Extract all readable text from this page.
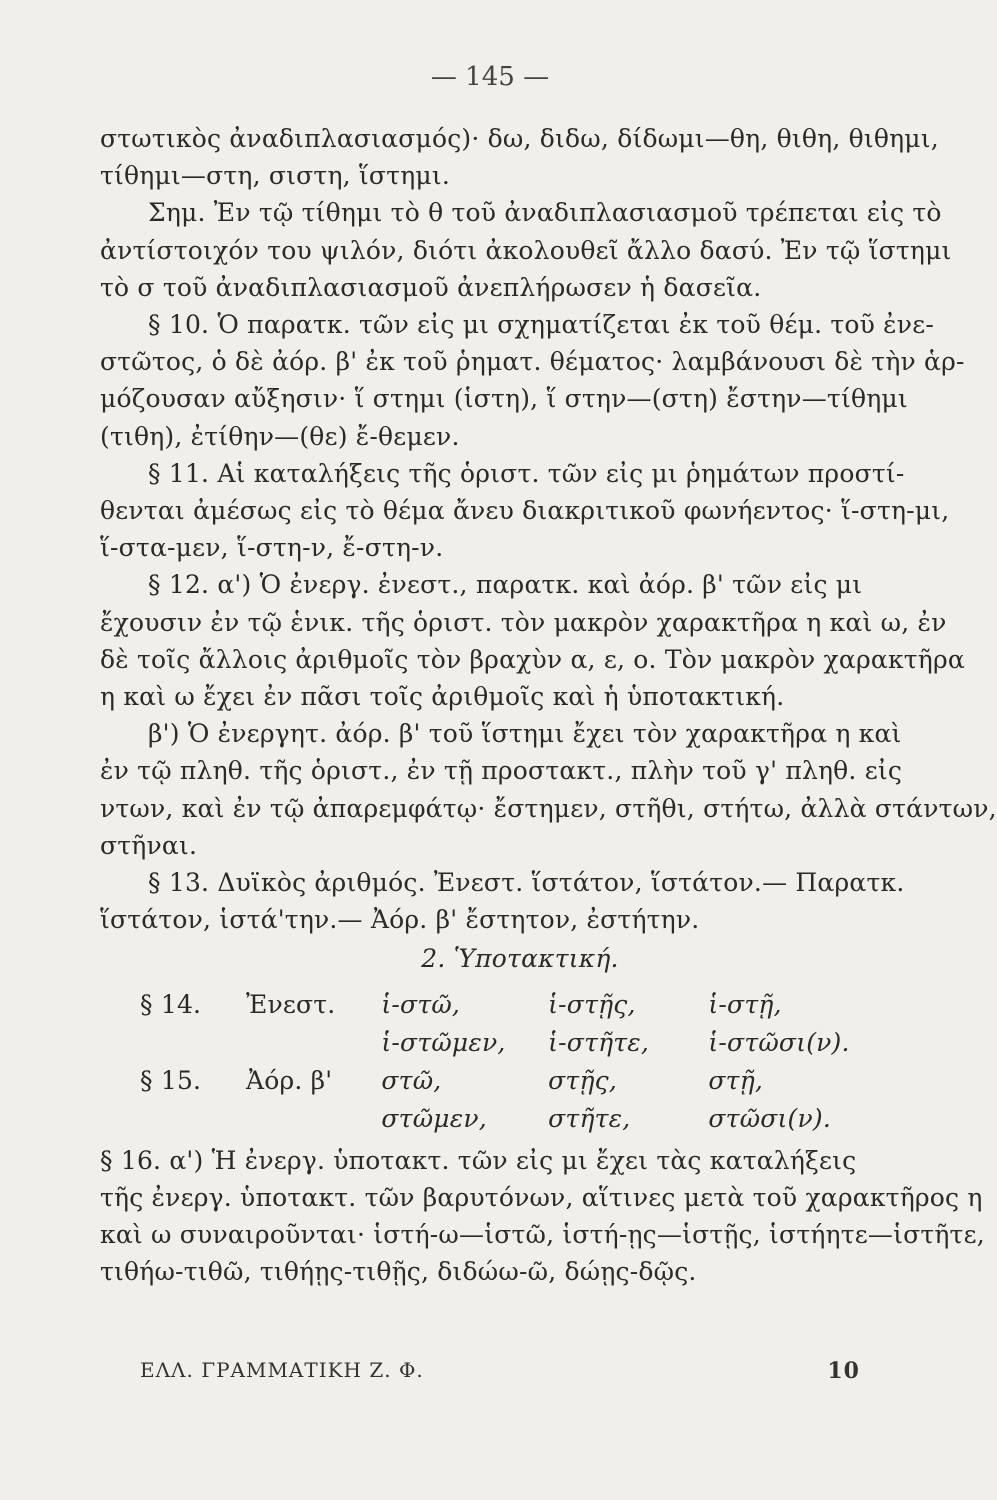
— 145 —

στωτικὸς ἀναδιπλασιασμός)· δω, διδω, δίδωμι—θη, θιθη, θιθημι,
τίθημι—στη, σιστη, ἵστημι.

Σημ. Ἐν τῷ τίθημι τὸ θ τοῦ ἀναδιπλασιασμοῦ τρέπεται εἰς τὸ

ἀντίστοιχόν του ψιλόν, διότι ἀκολουθεῖ ἄλλο δασύ. Ἐν τῷ ἵστημι
τὸ σ τοῦ ἀναδιπλασιασμοῦ ἀνεπλήρωσεν ἡ δασεῖα.

§ 10. Ὁ παρατκ. τῶν εἰς μι σχηματίζεται ἐκ τοῦ θέμ. τοῦ ἐνε-
στῶτος, ὁ δὲ ἀόρ. β' ἐκ τοῦ ῥηματ. θέματος· λαμβάνουσι δὲ τὴν ἁρ-
μόζουσαν αὔξησιν· ἵ στημι (ἱστη), ἵ στην—(στη) ἔστην—τίθημι
(τιθη), ἐτίθην—(θε) ἔ-θεμεν.

§ 11. Αἱ καταλήξεις τῆς ὁριστ. τῶν εἰς μι ῥημάτων προστί-
θενται ἀμέσως εἰς τὸ θέμα ἄνευ διακριτικοῦ φωνήεντος· ἵ-στη-μι,
ἵ-στα-μεν, ἵ-στη-ν, ἔ-στη-ν.

§ 12. α') Ὁ ἐνεργ. ἐνεστ., παρατκ. καὶ ἀόρ. β' τῶν εἰς μι
ἔχουσιν ἐν τῷ ἑνικ. τῆς ὁριστ. τὸν μακρὸν χαρακτῆρα η καὶ ω, ἐν
δὲ τοῖς ἄλλοις ἀριθμοῖς τὸν βραχὺν α, ε, ο. Τὸν μακρὸν χαρακτῆρα
η καὶ ω ἔχει ἐν πᾶσι τοῖς ἀριθμοῖς καὶ ἡ ὑποτακτική.
β') Ὁ ἐνεργητ. ἀόρ. β' τοῦ ἵστημι ἔχει τὸν χαρακτῆρα η καὶ
ἐν τῷ πληθ. τῆς ὁριστ., ἐν τῇ προστακτ., πλὴν τοῦ γ' πληθ. εἰς
ντων, καὶ ἐν τῷ ἀπαρεμφάτῳ· ἔστημεν, στῆθι, στήτω, ἀλλὰ στάντων,
στῆναι.

§ 13. Δυϊκὸς ἀριθμός. Ἐνεστ. ἵστάτον, ἵστάτον.— Παρατκ.
ἵστάτον, ἱστά'την.— Ἀόρ. β' ἔστητον, ἐστήτην.

2. Ὑποτακτική.
§ 14.	Ἐνεστ.	ἱ-στῶ,	ἱ-στῇς,	ἱ-στῇ,
		ἱ-στῶμεν,	ἱ-στῆτε,	ἱ-στῶσι(ν).
§ 15.	Ἀόρ. β'	στῶ,	στῇς,	στῇ,
		στῶμεν,	στῆτε,	στῶσι(ν).

§ 16. α') Ἡ ἐνεργ. ὑποτακτ. τῶν εἰς μι ἔχει τὰς καταλήξεις
τῆς ἐνεργ. ὑποτακτ. τῶν βαρυτόνων, αἵτινες μετὰ τοῦ χαρακτῆρος η
καὶ ω συναιροῦνται· ἱστή-ω—ἱστῶ, ἱστή-ῃς—ἱστῇς, ἱστήητε—ἱστῆτε,
τιθήω-τιθῶ, τιθήῃς-τιθῇς, διδώω-ῶ, δώῃς-δῷς.

ΕΛΛ. ΓΡΑΜΜΑΤΙΚΗ Ζ. Φ.	10
